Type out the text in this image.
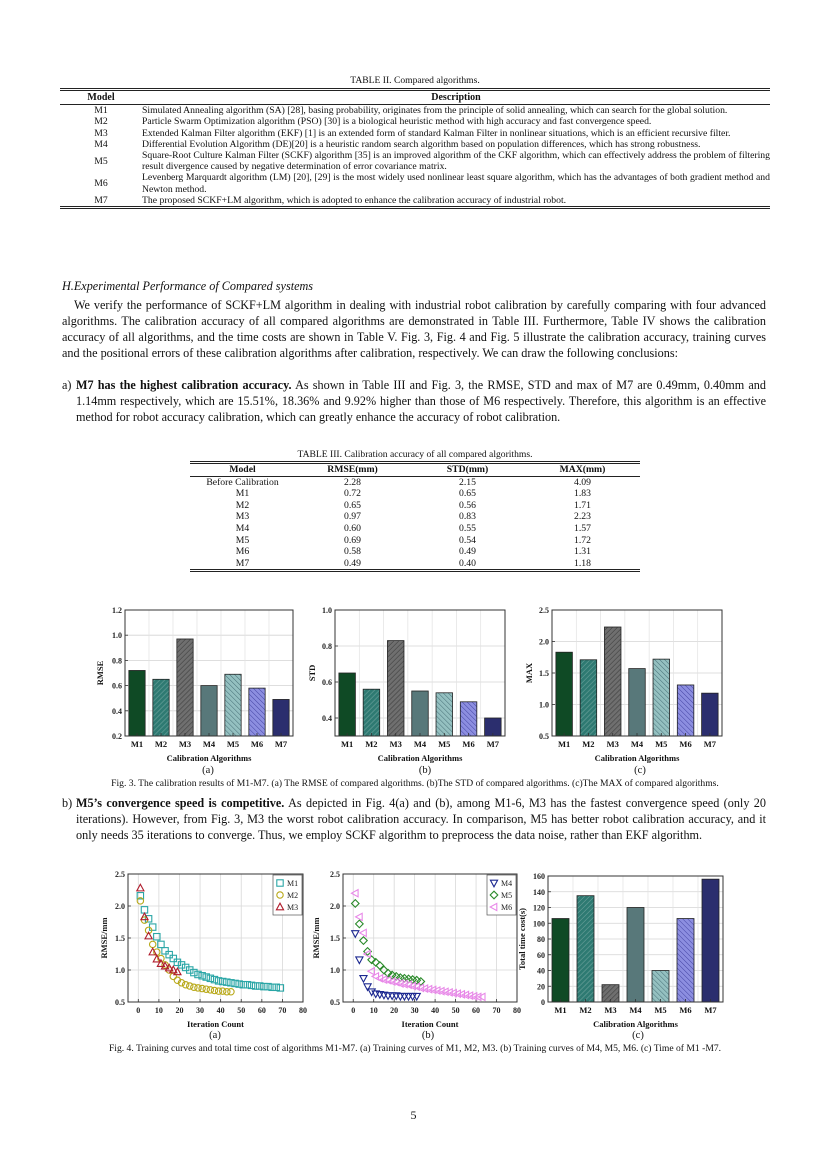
TABLE II. Compared algorithms.
Model	Description
M1	Simulated Annealing algorithm (SA) [28], basing probability, originates from the principle of solid annealing, which can search for the global solution.
M2	Particle Swarm Optimization algorithm (PSO) [30] is a biological heuristic method with high accuracy and fast convergence speed.
M3	Extended Kalman Filter algorithm (EKF) [1] is an extended form of standard Kalman Filter in nonlinear situations, which is an efficient recursive filter.
M4	Differential Evolution Algorithm (DE)[20] is a heuristic random search algorithm based on population differences, which has strong robustness.
M5	Square-Root Culture Kalman Filter (SCKF) algorithm [35] is an improved algorithm of the CKF algorithm, which can effectively address the problem of filtering result divergence caused by negative determination of error covariance matrix.
M6	Levenberg Marquardt algorithm (LM) [20], [29] is the most widely used nonlinear least square algorithm, which has the advantages of both gradient method and Newton method.
M7	The proposed SCKF+LM algorithm, which is adopted to enhance the calibration accuracy of industrial robot.
H.Experimental Performance of Compared systems
We verify the performance of SCKF+LM algorithm in dealing with industrial robot calibration by carefully comparing with four advanced algorithms. The calibration accuracy of all compared algorithms are demonstrated in Table III. Furthermore, Table IV shows the calibration accuracy of all algorithms, and the time costs are shown in Table V. Fig. 3, Fig. 4 and Fig. 5 illustrate the calibration accuracy, training curves and the positional errors of these calibration algorithms after calibration, respectively. We can draw the following conclusions:
a) M7 has the highest calibration accuracy. As shown in Table III and Fig. 3, the RMSE, STD and max of M7 are 0.49mm, 0.40mm and 1.14mm respectively, which are 15.51%, 18.36% and 9.92% higher than those of M6 respectively. Therefore, this algorithm is an effective method for robot accuracy calibration, which can greatly enhance the accuracy of robot calibration.
TABLE III. Calibration accuracy of all compared algorithms.
Model	RMSE(mm)	STD(mm)	MAX(mm)
Before Calibration	2.28	2.15	4.09
M1	0.72	0.65	1.83
M2	0.65	0.56	1.71
M3	0.97	0.83	2.23
M4	0.60	0.55	1.57
M5	0.69	0.54	1.72
M6	0.58	0.49	1.31
M7	0.49	0.40	1.18
0.2
0.4
0.6
0.8
1.0
1.2
M1 M2 M3 M4 M5 M6 M7
Calibration Algorithms
RMSE
0.4
0.6
0.8
1.0
M1 M2 M3 M4 M5 M6 M7
Calibration Algorithms
STD
0.5
1.0
1.5
2.0
2.5
M1 M2 M3 M4 M5 M6 M7
Calibration Algorithms
MAX
(a)	(b)	(c)
Fig. 3. The calibration results of M1-M7. (a) The RMSE of compared algorithms. (b)The STD of compared algorithms. (c)The MAX of compared algorithms.
b) M5’s convergence speed is competitive. As depicted in Fig. 4(a) and (b), among M1-6, M3 has the fastest convergence speed (only 20 iterations). However, from Fig. 3, M3 the worst robot calibration accuracy. In comparison, M5 has better robot calibration accuracy, and it only needs 35 iterations to converge. Thus, we employ SCKF algorithm to preprocess the data noise, rather than EKF algorithm.
0 10 20 30 40 50 60 70 80
0.5
1.0
1.5
2.0
2.5
M1
M2
M3
Iteration Count
RMSE/mm
0 10 20 30 40 50 60 70 80
0.5
1.0
1.5
2.0
2.5
M4
M5
M6
Iteration Count
RMSE/mm
0
20
40
60
80
100
120
140
160
M1 M2 M3 M4 M5 M6 M7
Calibration Algorithms
Total time cost(s)
(a)	(b)	(c)
Fig. 4. Training curves and total time cost of algorithms M1-M7. (a) Training curves of M1, M2, M3. (b) Training curves of M4, M5, M6. (c) Time of M1 -M7.
5
